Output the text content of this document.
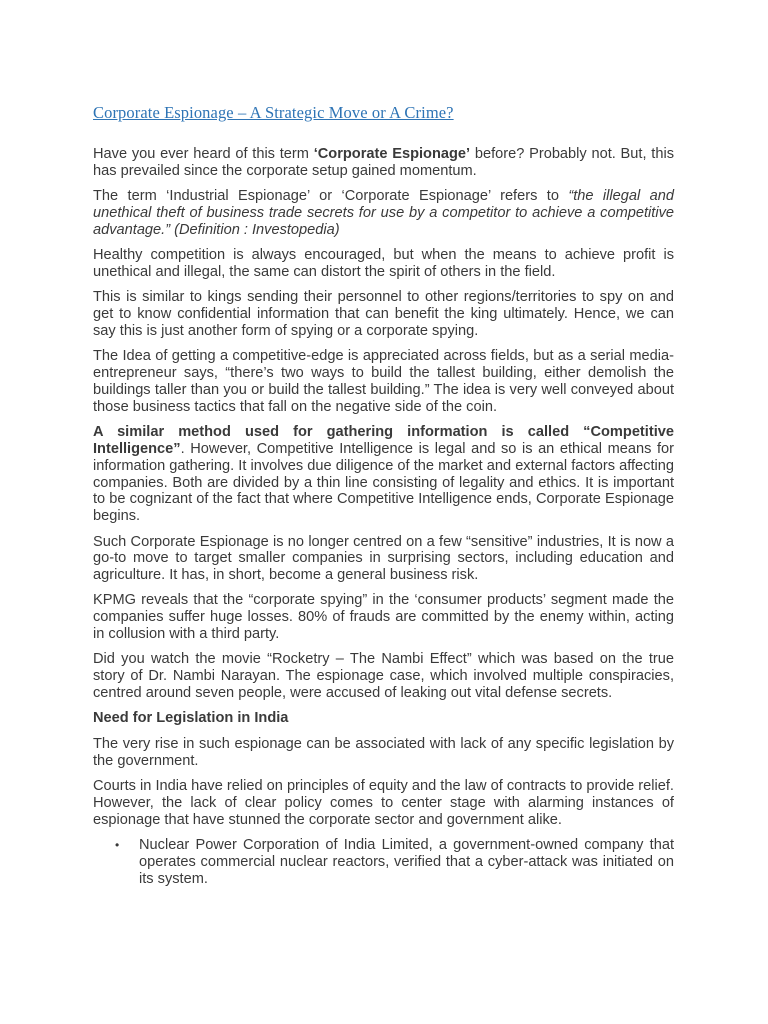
Corporate Espionage – A Strategic Move or A Crime?

Have you ever heard of this term ‘Corporate Espionage’ before? Probably not. But, this has prevailed since the corporate setup gained momentum.

The term ‘Industrial Espionage’ or ‘Corporate Espionage’ refers to “the illegal and unethical theft of business trade secrets for use by a competitor to achieve a competitive advantage.” (Definition : Investopedia)

Healthy competition is always encouraged, but when the means to achieve profit is unethical and illegal, the same can distort the spirit of others in the field.

This is similar to kings sending their personnel to other regions/territories to spy on and get to know confidential information that can benefit the king ultimately. Hence, we can say this is just another form of spying or a corporate spying.

The Idea of getting a competitive-edge is appreciated across fields, but as a serial media-entrepreneur says, “there’s two ways to build the tallest building, either demolish the buildings taller than you or build the tallest building.” The idea is very well conveyed about those business tactics that fall on the negative side of the coin.

A similar method used for gathering information is called “Competitive Intelligence”. However, Competitive Intelligence is legal and so is an ethical means for information gathering. It involves due diligence of the market and external factors affecting companies. Both are divided by a thin line consisting of legality and ethics. It is important to be cognizant of the fact that where Competitive Intelligence ends, Corporate Espionage begins.

Such Corporate Espionage is no longer centred on a few “sensitive” industries, It is now a go-to move to target smaller companies in surprising sectors, including education and agriculture. It has, in short, become a general business risk.

KPMG reveals that the “corporate spying” in the ‘consumer products’ segment made the companies suffer huge losses. 80% of frauds are committed by the enemy within, acting in collusion with a third party.

Did you watch the movie “Rocketry – The Nambi Effect” which was based on the true story of Dr. Nambi Narayan. The espionage case, which involved multiple conspiracies, centred around seven people, were accused of leaking out vital defense secrets.

Need for Legislation in India

The very rise in such espionage can be associated with lack of any specific legislation by the government.

Courts in India have relied on principles of equity and the law of contracts to provide relief. However, the lack of clear policy comes to center stage with alarming instances of espionage that have stunned the corporate sector and government alike.

• Nuclear Power Corporation of India Limited, a government-owned company that operates commercial nuclear reactors, verified that a cyber-attack was initiated on its system.
